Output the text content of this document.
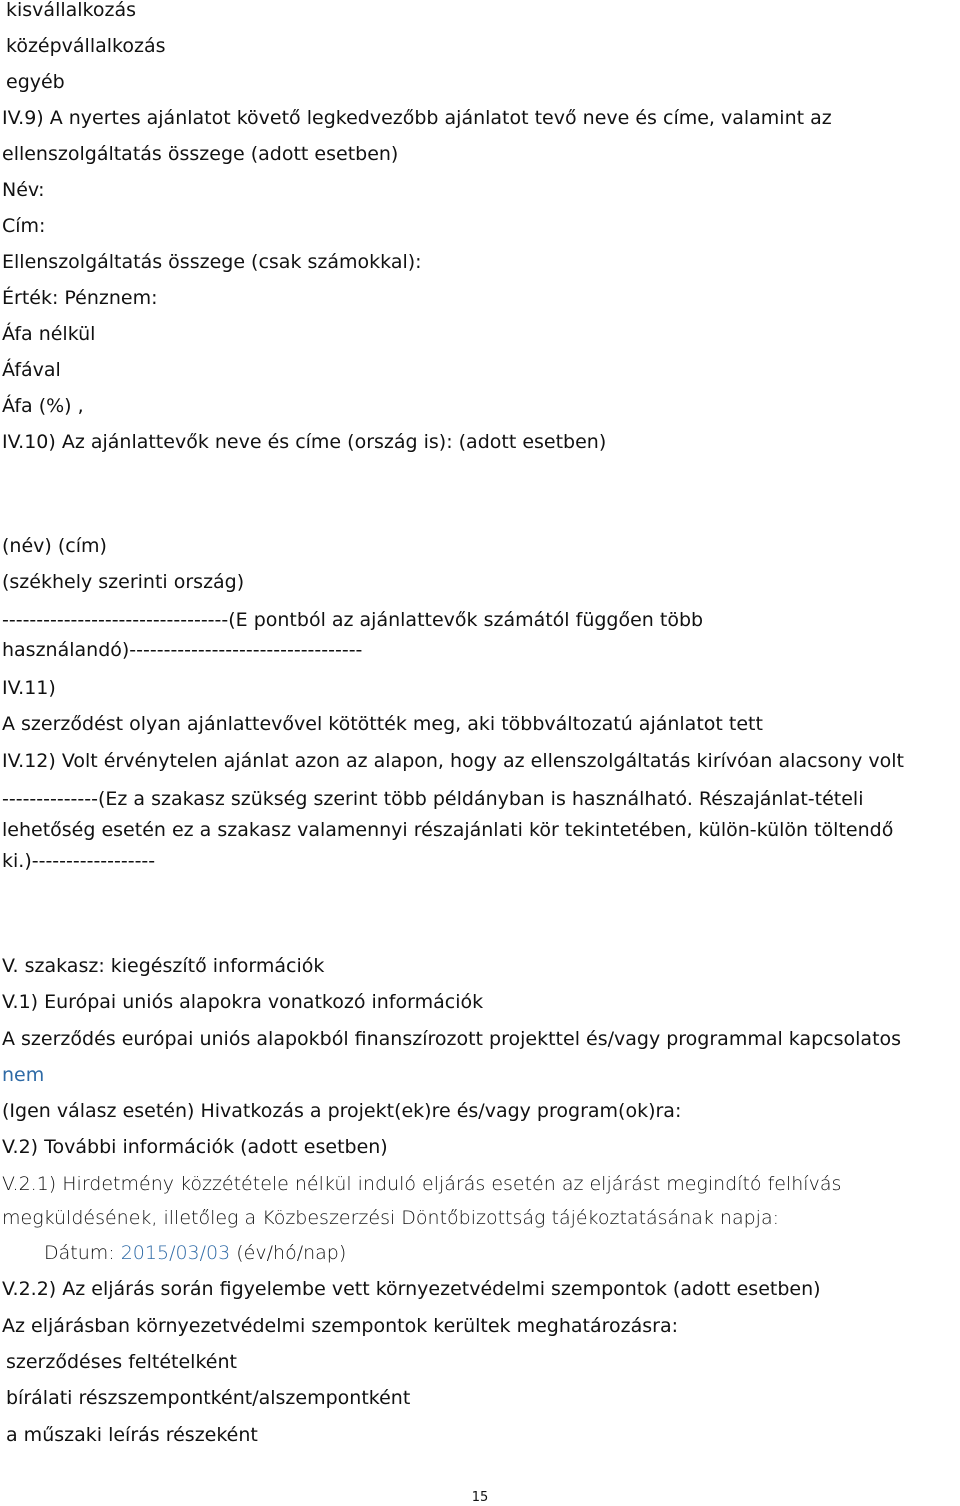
kisvállalkozás
középvállalkozás
egyéb
IV.9) A nyertes ajánlatot követő legkedvezőbb ajánlatot tevő neve és címe, valamint az
ellenszolgáltatás összege (adott esetben)
Név:
Cím:
Ellenszolgáltatás összege (csak számokkal):
Érték: Pénznem:
Áfa nélkül
Áfával
Áfa (%) ,
IV.10) Az ajánlattevők neve és címe (ország is): (adott esetben)
(név) (cím)
(székhely szerinti ország)
---------------------------------(E pontból az ajánlattevők számától függően több
használandó)----------------------------------
IV.11)
A szerződést olyan ajánlattevővel kötötték meg, aki többváltozatú ajánlatot tett
IV.12) Volt érvénytelen ajánlat azon az alapon, hogy az ellenszolgáltatás kirívóan alacsony volt
--------------(Ez a szakasz szükség szerint több példányban is használható. Részajánlat-tételi
lehetőség esetén ez a szakasz valamennyi részajánlati kör tekintetében, külön-külön töltendő
ki.)------------------
V. szakasz: kiegészítő információk
V.1) Európai uniós alapokra vonatkozó információk
A szerződés európai uniós alapokból finanszírozott projekttel és/vagy programmal kapcsolatos
nem
(Igen válasz esetén) Hivatkozás a projekt(ek)re és/vagy program(ok)ra:
V.2) További információk (adott esetben)
V.2.1) Hirdetmény közzététele nélkül induló eljárás esetén az eljárást megindító felhívás
megküldésének, illetőleg a Közbeszerzési Döntőbizottság tájékoztatásának napja:
Dátum: 2015/03/03 (év/hó/nap)
V.2.2) Az eljárás során figyelembe vett környezetvédelmi szempontok (adott esetben)
Az eljárásban környezetvédelmi szempontok kerültek meghatározásra:
szerződéses feltételként
bírálati részszempontként/alszempontként
a műszaki leírás részeként
15
